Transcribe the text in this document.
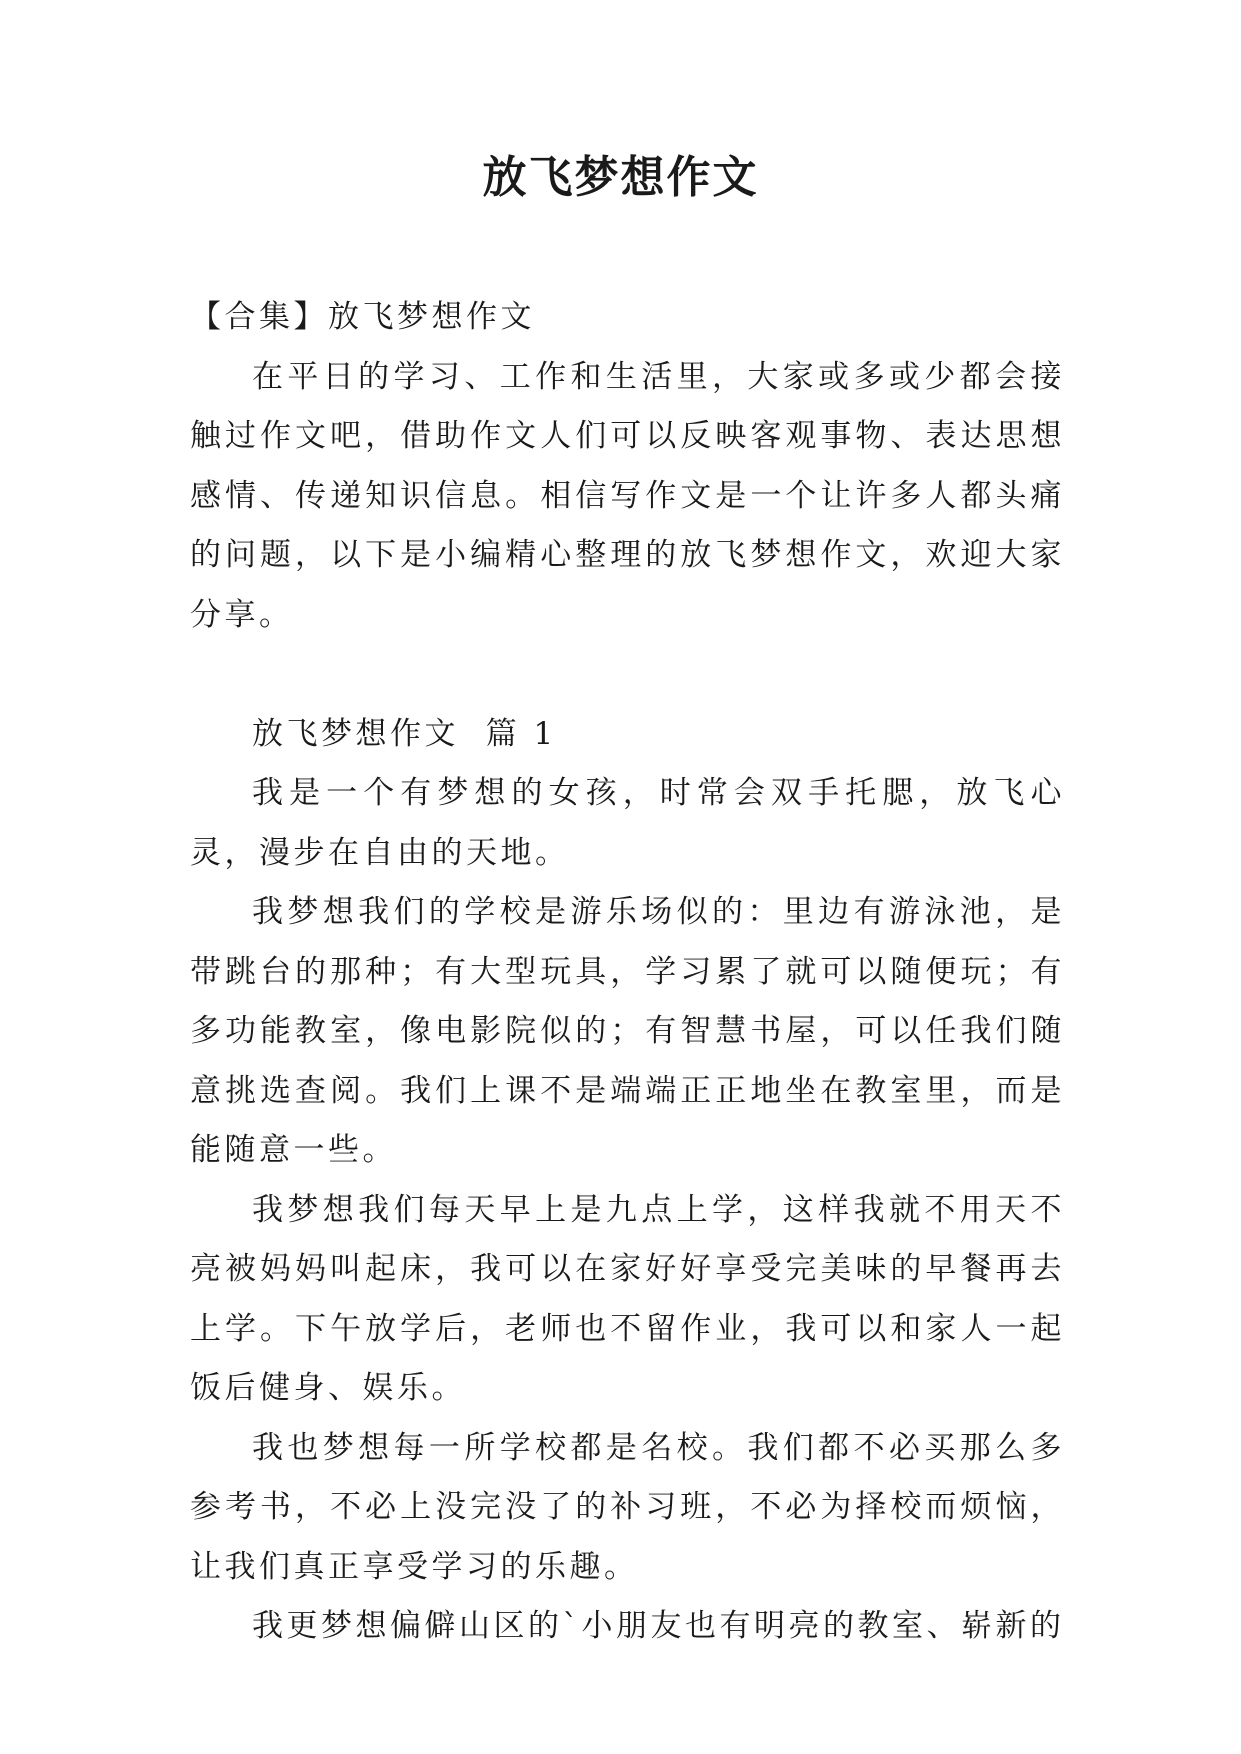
放飞梦想作文

【合集】放飞梦想作文

在平日的学习、工作和生活里，大家或多或少都会接触过作文吧，借助作文人们可以反映客观事物、表达思想感情、传递知识信息。相信写作文是一个让许多人都头痛的问题，以下是小编精心整理的放飞梦想作文，欢迎大家分享。

放飞梦想作文  篇 1

我是一个有梦想的女孩，时常会双手托腮，放飞心灵，漫步在自由的天地。

我梦想我们的学校是游乐场似的：里边有游泳池，是带跳台的那种；有大型玩具，学习累了就可以随便玩；有多功能教室，像电影院似的；有智慧书屋，可以任我们随意挑选查阅。我们上课不是端端正正地坐在教室里，而是能随意一些。

我梦想我们每天早上是九点上学，这样我就不用天不亮被妈妈叫起床，我可以在家好好享受完美味的早餐再去上学。下午放学后，老师也不留作业，我可以和家人一起饭后健身、娱乐。

我也梦想每一所学校都是名校。我们都不必买那么多参考书，不必上没完没了的补习班，不必为择校而烦恼，让我们真正享受学习的乐趣。

我更梦想偏僻山区的`小朋友也有明亮的教室、崭新的
